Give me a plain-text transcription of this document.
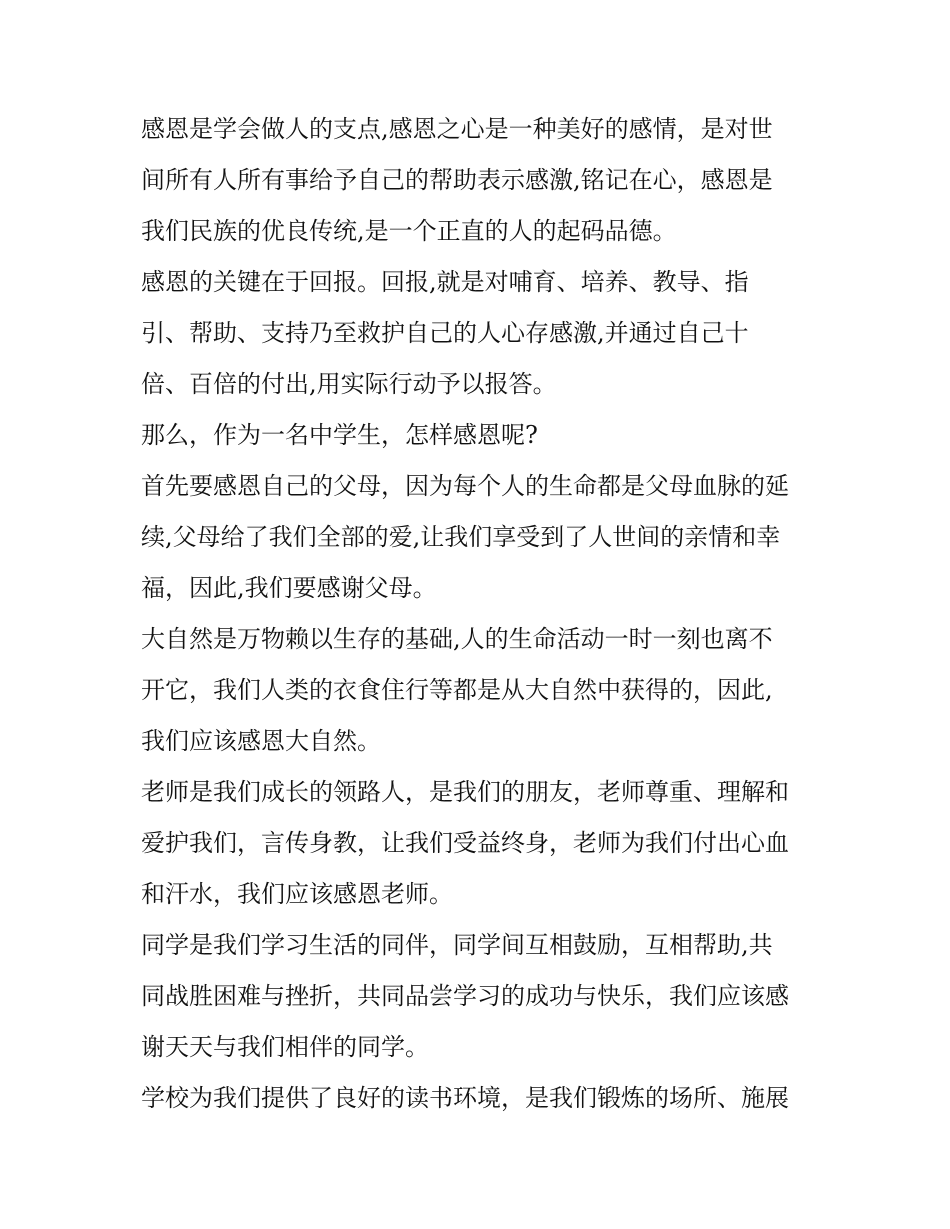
感恩是学会做人的支点,感恩之心是一种美好的感情，是对世
间所有人所有事给予自己的帮助表示感激,铭记在心，感恩是
我们民族的优良传统,是一个正直的人的起码品德。
感恩的关键在于回报。回报,就是对哺育、培养、教导、指
引、帮助、支持乃至救护自己的人心存感激,并通过自己十
倍、百倍的付出,用实际行动予以报答。
那么，作为一名中学生，怎样感恩呢?
首先要感恩自己的父母，因为每个人的生命都是父母血脉的延
续,父母给了我们全部的爱,让我们享受到了人世间的亲情和幸
福，因此,我们要感谢父母。
大自然是万物赖以生存的基础,人的生命活动一时一刻也离不
开它，我们人类的衣食住行等都是从大自然中获得的，因此,
我们应该感恩大自然。
老师是我们成长的领路人，是我们的朋友，老师尊重、理解和
爱护我们，言传身教，让我们受益终身，老师为我们付出心血
和汗水，我们应该感恩老师。
同学是我们学习生活的同伴，同学间互相鼓励，互相帮助,共
同战胜困难与挫折，共同品尝学习的成功与快乐，我们应该感
谢天天与我们相伴的同学。
学校为我们提供了良好的读书环境，是我们锻炼的场所、施展
